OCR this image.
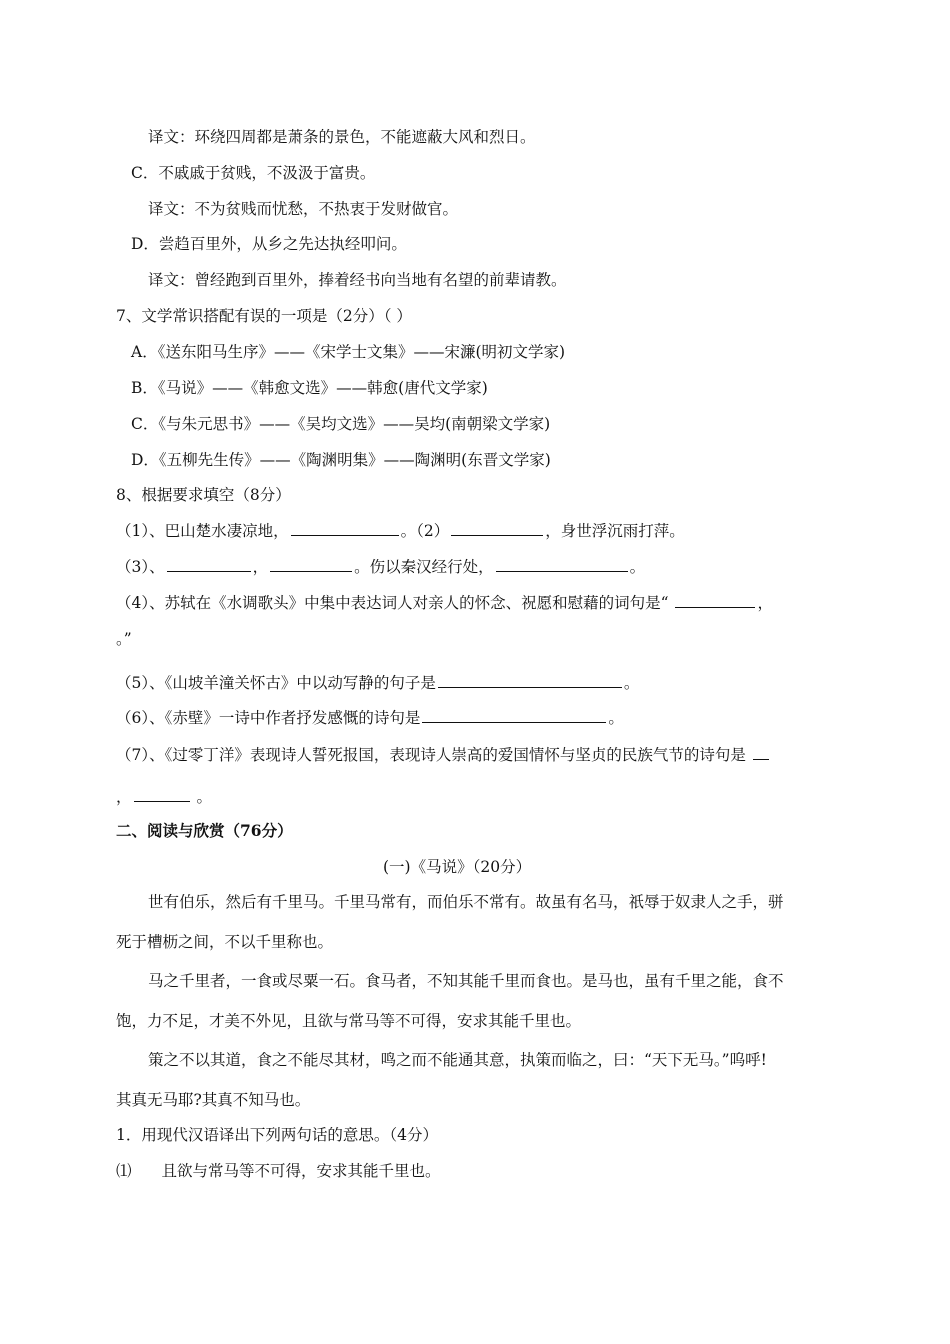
译文：环绕四周都是萧条的景色，不能遮蔽大风和烈日。
C．不戚戚于贫贱，不汲汲于富贵。
译文：不为贫贱而忧愁，不热衷于发财做官。
D．尝趋百里外，从乡之先达执经叩问。
译文：曾经跑到百里外，捧着经书向当地有名望的前辈请教。
7、文学常识搭配有误的一项是（2分）（ ）
A．《送东阳马生序》——《宋学士文集》——宋濂(明初文学家)
B．《马说》——《韩愈文选》——韩愈(唐代文学家)
C．《与朱元思书》——《吴均文选》——吴均(南朝梁文学家)
D．《五柳先生传》——《陶渊明集》——陶渊明(东晋文学家)
8、根据要求填空（8分）
（1）、巴山楚水凄凉地，	。（2）	，身世浮沉雨打萍。
（3）、	，	。伤以秦汉经行处，	。
（4）、苏轼在《水调歌头》中集中表达词人对亲人的怀念、祝愿和慰藉的词句是“	，
。”
（5）、《山坡羊潼关怀古》中以动写静的句子是	。
（6）、《赤壁》一诗中作者抒发感慨的诗句是	。
（7）、《过零丁洋》表现诗人誓死报国，表现诗人崇高的爱国情怀与坚贞的民族气节的诗句是
，	。
二、阅读与欣赏（76分）
(一)《马说》（20分）
世有伯乐，然后有千里马。千里马常有，而伯乐不常有。故虽有名马，祇辱于奴隶人之手，骈
死于槽枥之间，不以千里称也。
马之千里者，一食或尽粟一石。食马者，不知其能千里而食也。是马也，虽有千里之能，食不
饱，力不足，才美不外见，且欲与常马等不可得，安求其能千里也。
策之不以其道，食之不能尽其材，鸣之而不能通其意，执策而临之，曰：“天下无马。”呜呼!
其真无马耶?其真不知马也。
1．用现代汉语译出下列两句话的意思。（4分）
⑴ 且欲与常马等不可得，安求其能千里也。
